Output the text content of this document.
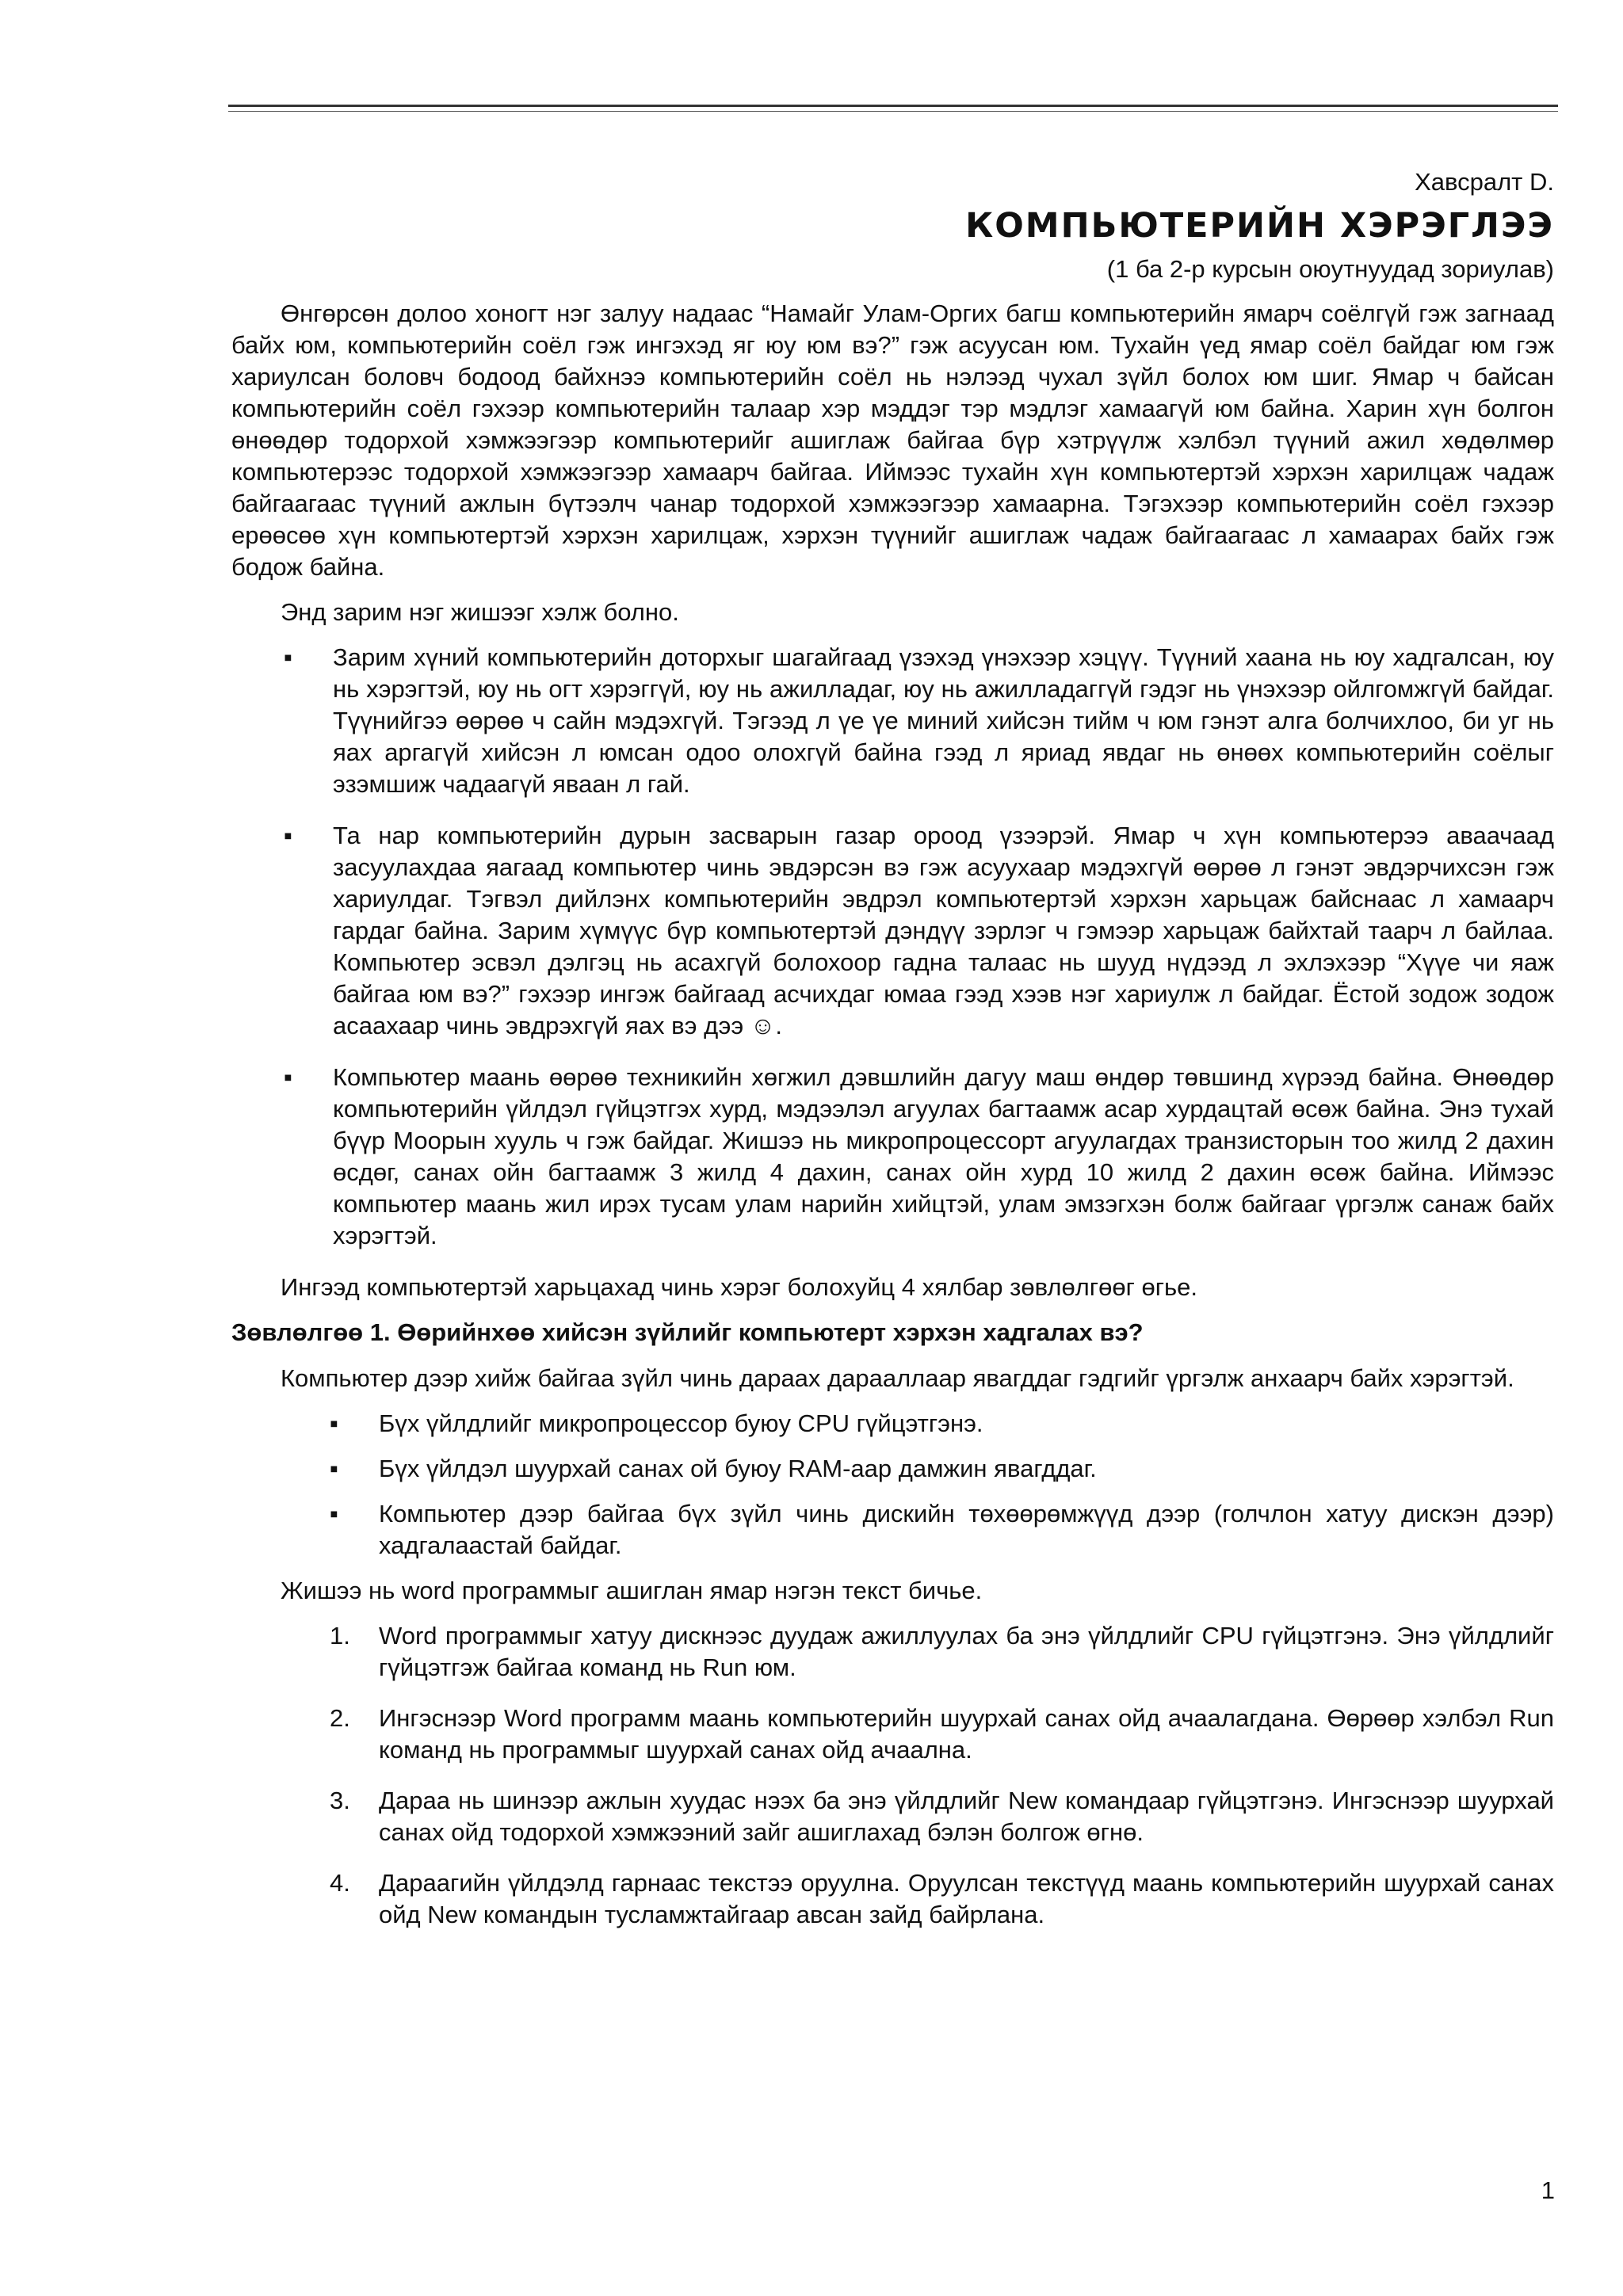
Хавсралт D.

КОМПЬЮТЕРИЙН ХЭРЭГЛЭЭ

(1 ба 2-р курсын оюутнуудад зориулав)

Өнгөрсөн долоо хоногт нэг залуу надаас “Намайг Улам-Оргих багш компьютерийн ямарч соёлгүй гэж загнаад байх юм, компьютерийн соёл гэж ингэхэд яг юу юм вэ?” гэж асуусан юм. Тухайн үед ямар соёл байдаг юм гэж хариулсан боловч бодоод байхнээ компьютерийн соёл нь нэлээд чухал зүйл болох юм шиг. Ямар ч байсан компьютерийн соёл гэхээр компьютерийн талаар хэр мэддэг тэр мэдлэг хамаагүй юм байна. Харин хүн болгон өнөөдөр тодорхой хэмжээгээр компьютерийг ашиглаж байгаа бүр хэтрүүлж хэлбэл түүний ажил хөдөлмөр компьютерээс тодорхой хэмжээгээр хамаарч байгаа. Иймээс тухайн хүн компьютертэй хэрхэн харилцаж чадаж байгаагаас түүний ажлын бүтээлч чанар тодорхой хэмжээгээр хамаарна. Тэгэхээр компьютерийн соёл гэхээр ерөөсөө хүн компьютертэй хэрхэн харилцаж, хэрхэн түүнийг ашиглаж чадаж байгаагаас л хамаарах байх гэж бодож байна.

Энд зарим нэг жишээг хэлж болно.

▪ Зарим хүний компьютерийн доторхыг шагайгаад үзэхэд үнэхээр хэцүү. Түүний хаана нь юу хадгалсан, юу нь хэрэгтэй, юу нь огт хэрэггүй, юу нь ажилладаг, юу нь ажилладаггүй гэдэг нь үнэхээр ойлгомжгүй байдаг. Түүнийгээ өөрөө ч сайн мэдэхгүй. Тэгээд л үе үе миний хийсэн тийм ч юм гэнэт алга болчихлоо, би уг нь яах аргагүй хийсэн л юмсан одоо олохгүй байна гээд л яриад явдаг нь өнөөх компьютерийн соёлыг эзэмшиж чадаагүй яваан л гай.
▪ Та нар компьютерийн дурын засварын газар ороод үзээрэй. Ямар ч хүн компьютерээ аваачаад засуулахдаа яагаад компьютер чинь эвдэрсэн вэ гэж асуухаар мэдэхгүй өөрөө л гэнэт эвдэрчихсэн гэж хариулдаг. Тэгвэл дийлэнх компьютерийн эвдрэл компьютертэй хэрхэн харьцаж байснаас л хамаарч гардаг байна. Зарим хүмүүс бүр компьютертэй дэндүү зэрлэг ч гэмээр харьцаж байхтай таарч л байлаа. Компьютер эсвэл дэлгэц нь асахгүй болохоор гадна талаас нь шууд нүдээд л эхлэхээр “Хүүе чи яаж байгаа юм вэ?” гэхээр ингэж байгаад асчихдаг юмаа гээд хээв нэг хариулж л байдаг. Ёстой зодож зодож асаахаар чинь эвдрэхгүй яах вэ дээ ☺.
▪ Компьютер маань өөрөө техникийн хөгжил дэвшлийн дагуу маш өндөр төвшинд хүрээд байна. Өнөөдөр компьютерийн үйлдэл гүйцэтгэх хурд, мэдээлэл агуулах багтаамж асар хурдацтай өсөж байна. Энэ тухай бүүр Моорын хууль ч гэж байдаг. Жишээ нь микропроцессорт агуулагдах транзисторын тоо жилд 2 дахин өсдөг, санах ойн багтаамж 3 жилд 4 дахин, санах ойн хурд 10 жилд 2 дахин өсөж байна. Иймээс компьютер маань жил ирэх тусам улам нарийн хийцтэй, улам эмзэгхэн болж байгааг үргэлж санаж байх хэрэгтэй.

Ингээд компьютертэй харьцахад чинь хэрэг болохуйц 4 хялбар зөвлөлгөөг өгье.

Зөвлөлгөө 1. Өөрийнхөө хийсэн зүйлийг компьютерт хэрхэн хадгалах вэ?

Компьютер дээр хийж байгаа зүйл чинь дараах дарааллаар явагддаг гэдгийг үргэлж анхаарч байх хэрэгтэй.

▪ Бүх үйлдлийг микропроцессор буюу CPU гүйцэтгэнэ.
▪ Бүх үйлдэл шуурхай санах ой буюу RAM-аар дамжин явагддаг.
▪ Компьютер дээр байгаа бүх зүйл чинь дискийн төхөөрөмжүүд дээр (голчлон хатуу дискэн дээр) хадгалаастай байдаг.

Жишээ нь word программыг ашиглан ямар нэгэн текст бичье.

1. Word программыг хатуу дискнээс дуудаж ажиллуулах ба энэ үйлдлийг CPU гүйцэтгэнэ. Энэ үйлдлийг гүйцэтгэж байгаа команд нь Run юм.
2. Ингэснээр Word программ маань компьютерийн шуурхай санах ойд ачаалагдана. Өөрөөр хэлбэл Run команд нь программыг шуурхай санах ойд ачаална.
3. Дараа нь шинээр ажлын хуудас нээх ба энэ үйлдлийг New командаар гүйцэтгэнэ. Ингэснээр шуурхай санах ойд тодорхой хэмжээний зайг ашиглахад бэлэн болгож өгнө.
4. Дараагийн үйлдэлд гарнаас текстээ оруулна. Оруулсан текстүүд маань компьютерийн шуурхай санах ойд New командын тусламжтайгаар авсан зайд байрлана.
1
